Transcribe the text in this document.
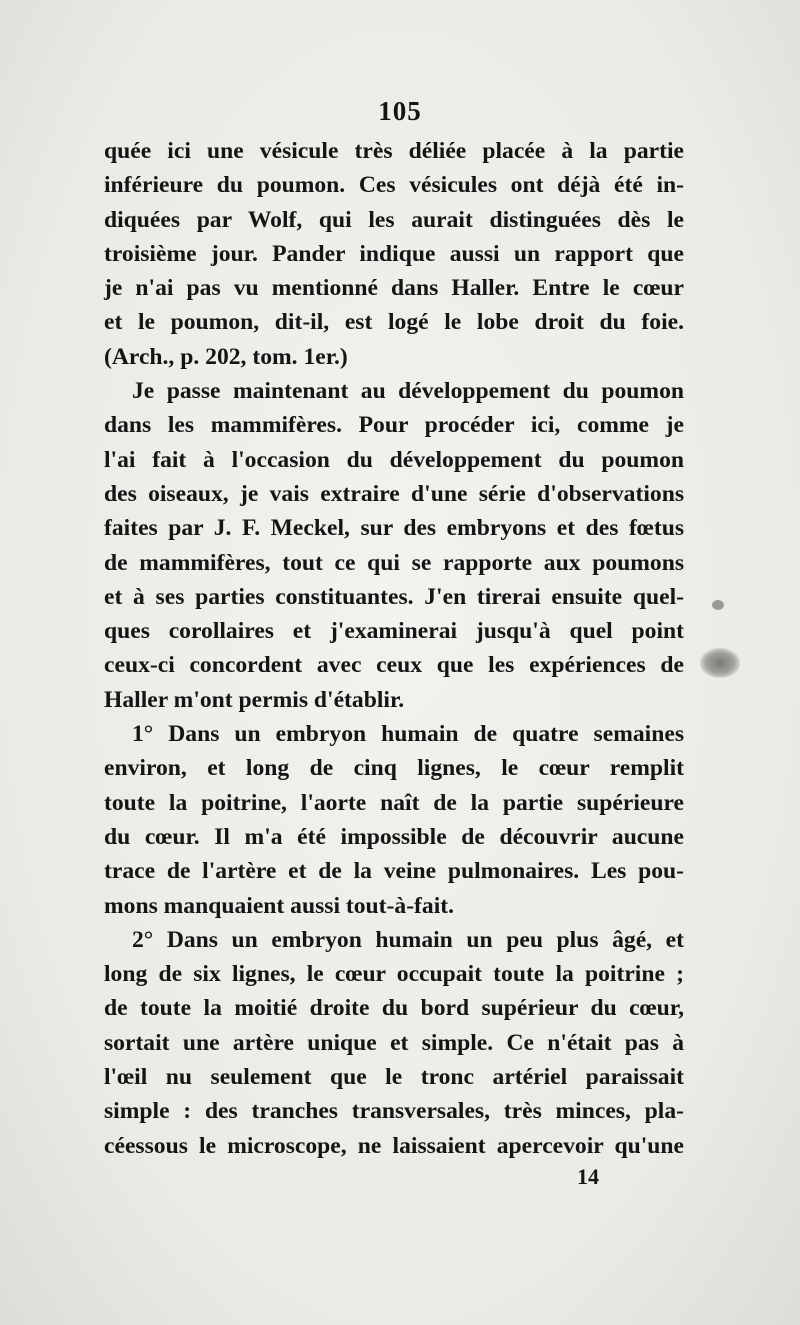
105
quée ici une vésicule très déliée placée à la partie
inférieure du poumon. Ces vésicules ont déjà été in-
diquées par Wolf, qui les aurait distinguées dès le
troisième jour. Pander indique aussi un rapport que
je n'ai pas vu mentionné dans Haller. Entre le cœur
et le poumon, dit-il, est logé le lobe droit du foie.
(Arch., p. 202, tom. 1er.)
Je passe maintenant au développement du poumon
dans les mammifères. Pour procéder ici, comme je
l'ai fait à l'occasion du développement du poumon
des oiseaux, je vais extraire d'une série d'observations
faites par J. F. Meckel, sur des embryons et des fœtus
de mammifères, tout ce qui se rapporte aux poumons
et à ses parties constituantes. J'en tirerai ensuite quel-
ques corollaires et j'examinerai jusqu'à quel point
ceux-ci concordent avec ceux que les expériences de
Haller m'ont permis d'établir.
1° Dans un embryon humain de quatre semaines
environ, et long de cinq lignes, le cœur remplit
toute la poitrine, l'aorte naît de la partie supérieure
du cœur. Il m'a été impossible de découvrir aucune
trace de l'artère et de la veine pulmonaires. Les pou-
mons manquaient aussi tout-à-fait.
2° Dans un embryon humain un peu plus âgé, et
long de six lignes, le cœur occupait toute la poitrine ;
de toute la moitié droite du bord supérieur du cœur,
sortait une artère unique et simple. Ce n'était pas à
l'œil nu seulement que le tronc artériel paraissait
simple : des tranches transversales, très minces, pla-
céessous le microscope, ne laissaient apercevoir qu'une
14
